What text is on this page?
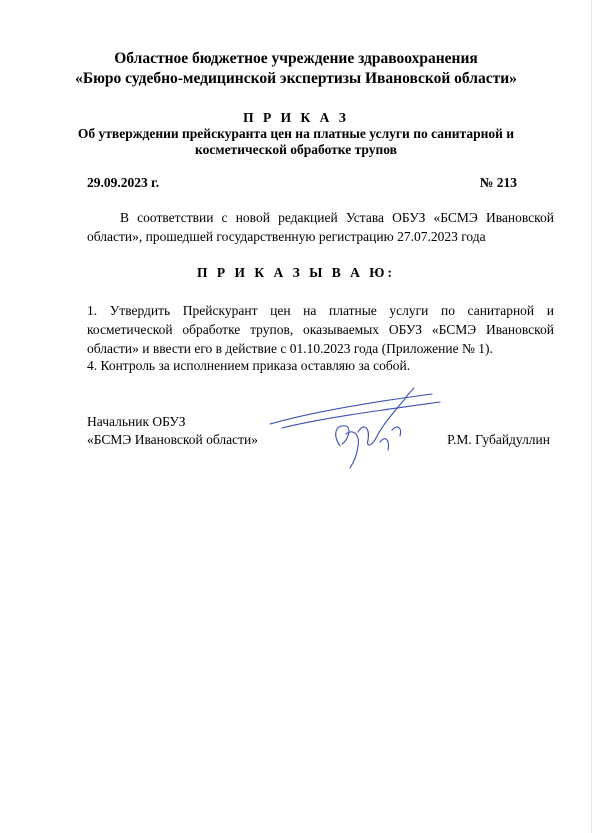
Областное бюджетное учреждение здравоохранения
«Бюро судебно-медицинской экспертизы Ивановской области»
П Р И К А З
Об утверждении прейскуранта цен на платные услуги по санитарной и косметической обработке трупов
29.09.2023 г.	№ 213
В соответствии с новой редакцией Устава ОБУЗ «БСМЭ Ивановской области», прошедшей государственную регистрацию 27.07.2023 года
П Р И К А З Ы В А Ю:
1. Утвердить Прейскурант цен на платные услуги по санитарной и косметической обработке трупов, оказываемых ОБУЗ «БСМЭ Ивановской области» и ввести его в действие с 01.10.2023 года (Приложение № 1).
4. Контроль за исполнением приказа оставляю за собой.
Начальник ОБУЗ
«БСМЭ Ивановской области»	Р.М. Губайдуллин
